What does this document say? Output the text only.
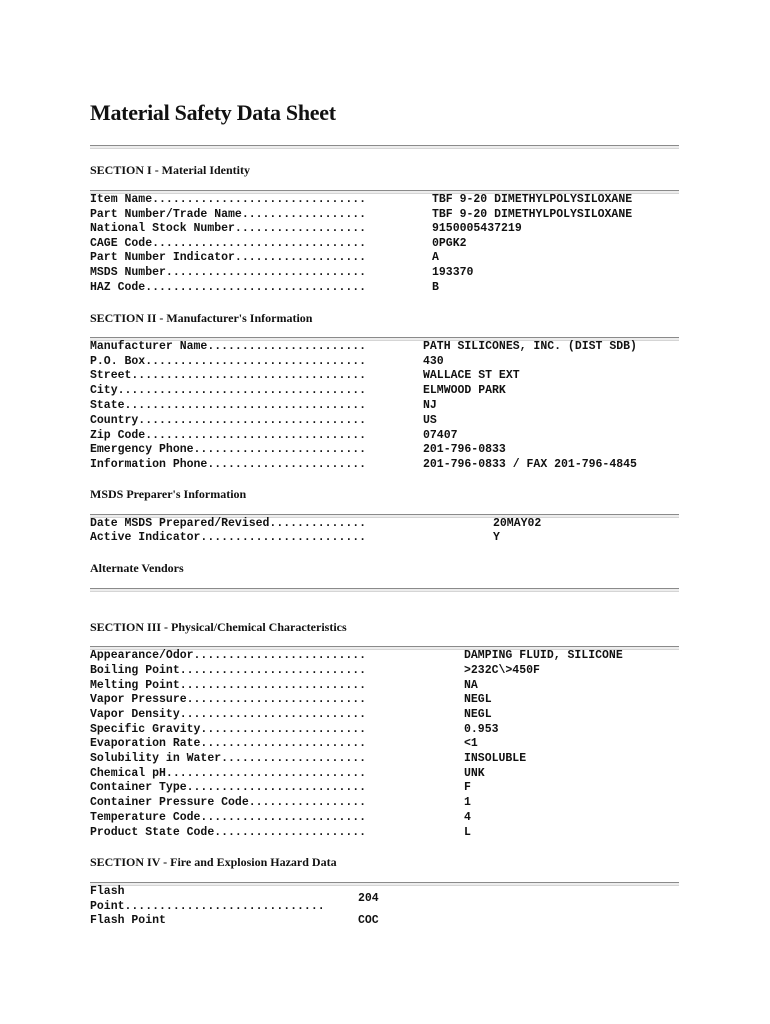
Material Safety Data Sheet
SECTION I - Material Identity

Item Name...............................

	TBF 9-20 DIMETHYLPOLYSILOXANE

Part Number/Trade Name..................

	TBF 9-20 DIMETHYLPOLYSILOXANE

National Stock Number...................

	9150005437219

CAGE Code...............................

	0PGK2

Part Number Indicator...................

	A

MSDS Number.............................

	193370

HAZ Code................................

	B

SECTION II - Manufacturer's Information

Manufacturer Name.......................

	PATH SILICONES, INC. (DIST SDB)

P.O. Box................................

	430

Street..................................

	WALLACE ST EXT

City....................................

	ELMWOOD PARK

State...................................

	NJ

Country.................................

	US

Zip Code................................

	07407

Emergency Phone.........................

	201-796-0833

Information Phone.......................

	201-796-0833 / FAX 201-796-4845

MSDS Preparer's Information

Date MSDS Prepared/Revised..............

	20MAY02

Active Indicator........................

	Y

Alternate Vendors
SECTION III - Physical/Chemical Characteristics

Appearance/Odor.........................

	DAMPING FLUID, SILICONE

Boiling Point...........................

	>232C\>450F

Melting Point...........................

	NA

Vapor Pressure..........................

	NEGL

Vapor Density...........................

	NEGL

Specific Gravity........................

	0.953

Evaporation Rate........................

	<1

Solubility in Water.....................

	INSOLUBLE

Chemical pH.............................

	UNK

Container Type..........................

	F

Container Pressure Code.................

	1

Temperature Code........................

	4

Product State Code......................

	L

SECTION IV - Fire and Explosion Hazard Data
Flash
Point.............................
204
Flash Point	COC
